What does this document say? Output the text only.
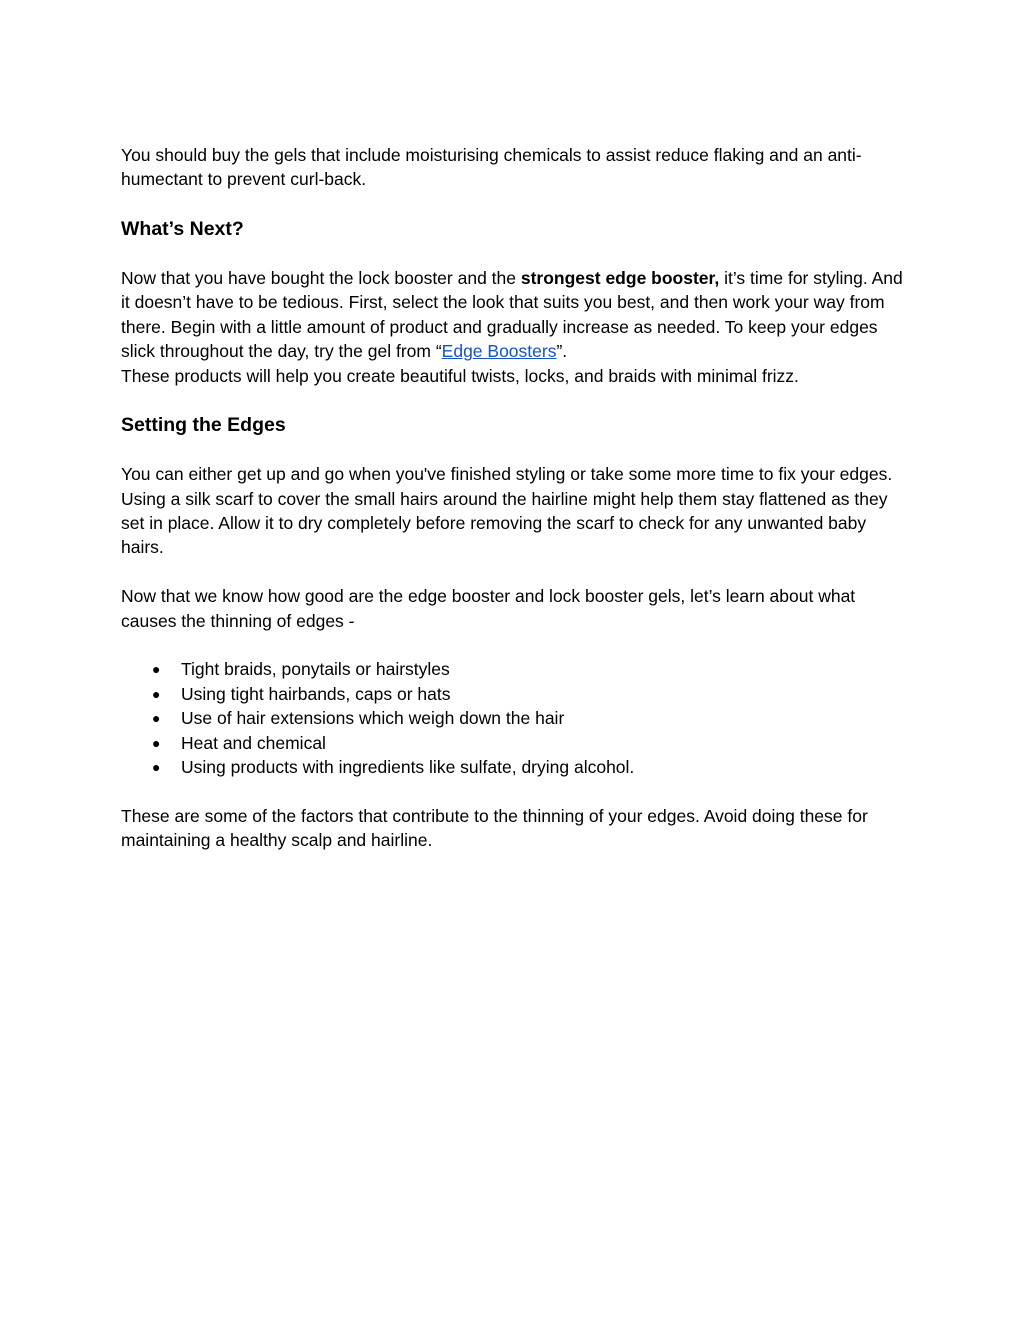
You should buy the gels that include moisturising chemicals to assist reduce flaking and an anti-humectant to prevent curl-back.

What’s Next?

Now that you have bought the lock booster and the strongest edge booster, it’s time for styling. And it doesn’t have to be tedious. First, select the look that suits you best, and then work your way from there. Begin with a little amount of product and gradually increase as needed. To keep your edges slick throughout the day, try the gel from “Edge Boosters”.

These products will help you create beautiful twists, locks, and braids with minimal frizz.

Setting the Edges

You can either get up and go when you've finished styling or take some more time to fix your edges. Using a silk scarf to cover the small hairs around the hairline might help them stay flattened as they set in place. Allow it to dry completely before removing the scarf to check for any unwanted baby hairs.

Now that we know how good are the edge booster and lock booster gels, let’s learn about what causes the thinning of edges -

● Tight braids, ponytails or hairstyles
● Using tight hairbands, caps or hats
● Use of hair extensions which weigh down the hair
● Heat and chemical
● Using products with ingredients like sulfate, drying alcohol.

These are some of the factors that contribute to the thinning of your edges. Avoid doing these for maintaining a healthy scalp and hairline.
